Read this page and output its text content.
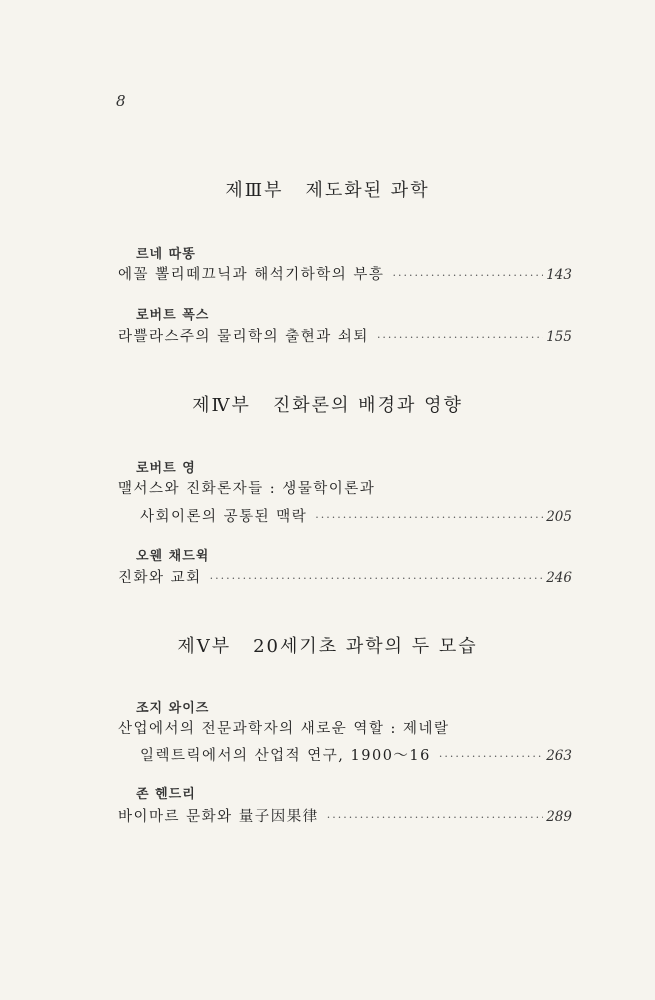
8
제Ⅲ부 제도화된 과학
르네 따똥
에꼴 뽈리떼끄닉과 해석기하학의 부흥 ·····	143
로버트 폭스
라쁠라스주의 물리학의 출현과 쇠퇴 ·····	155
제Ⅳ부 진화론의 배경과 영향
로버트 영
맬서스와 진화론자들 : 생물학이론과
사회이론의 공통된 맥락 ·····	205
오웬 채드윅
진화와 교회 ·····	246
제Ⅴ부 20세기초 과학의 두 모습
조지 와이즈
산업에서의 전문과학자의 새로운 역할 : 제네랄
일렉트릭에서의 산업적 연구, 1900～16 ·····	263
존 헨드리
바이마르 문화와 量子因果律 ·····	289
